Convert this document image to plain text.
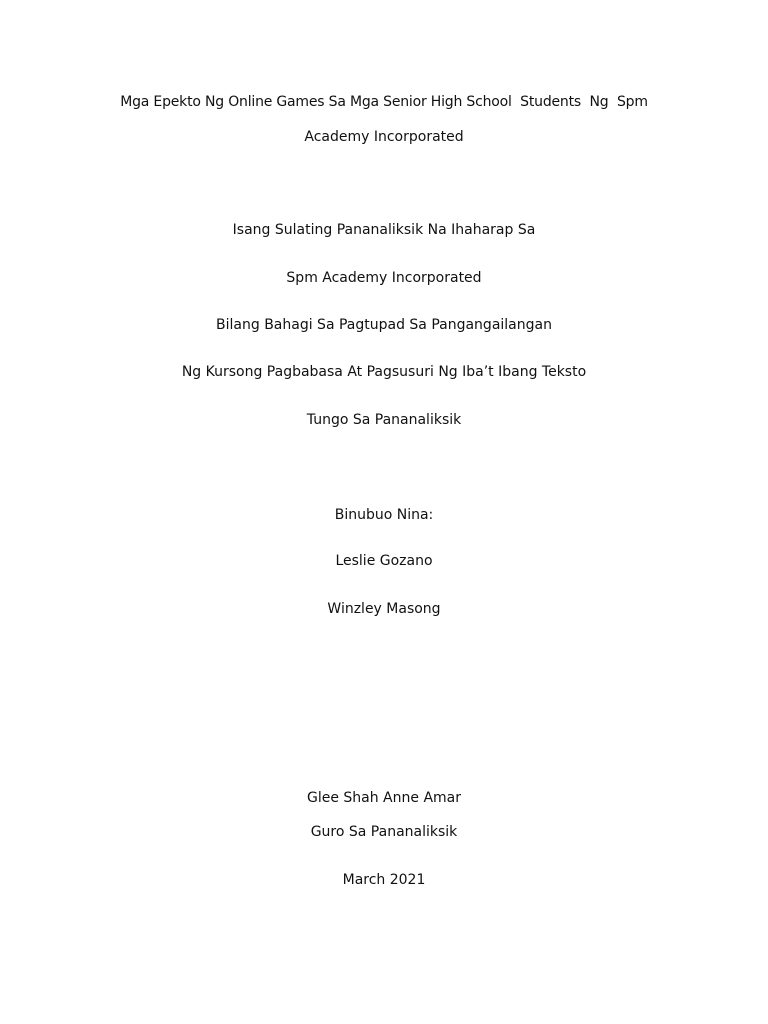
Mga Epekto Ng Online Games Sa Mga Senior High School  Students  Ng  Spm

Academy Incorporated

Isang Sulating Pananaliksik Na Ihaharap Sa

Spm Academy Incorporated

Bilang Bahagi Sa Pagtupad Sa Pangangailangan

Ng Kursong Pagbabasa At Pagsusuri Ng Iba’t Ibang Teksto

Tungo Sa Pananaliksik

Binubuo Nina:

Leslie Gozano

Winzley Masong

Glee Shah Anne Amar

Guro Sa Pananaliksik

March 2021
